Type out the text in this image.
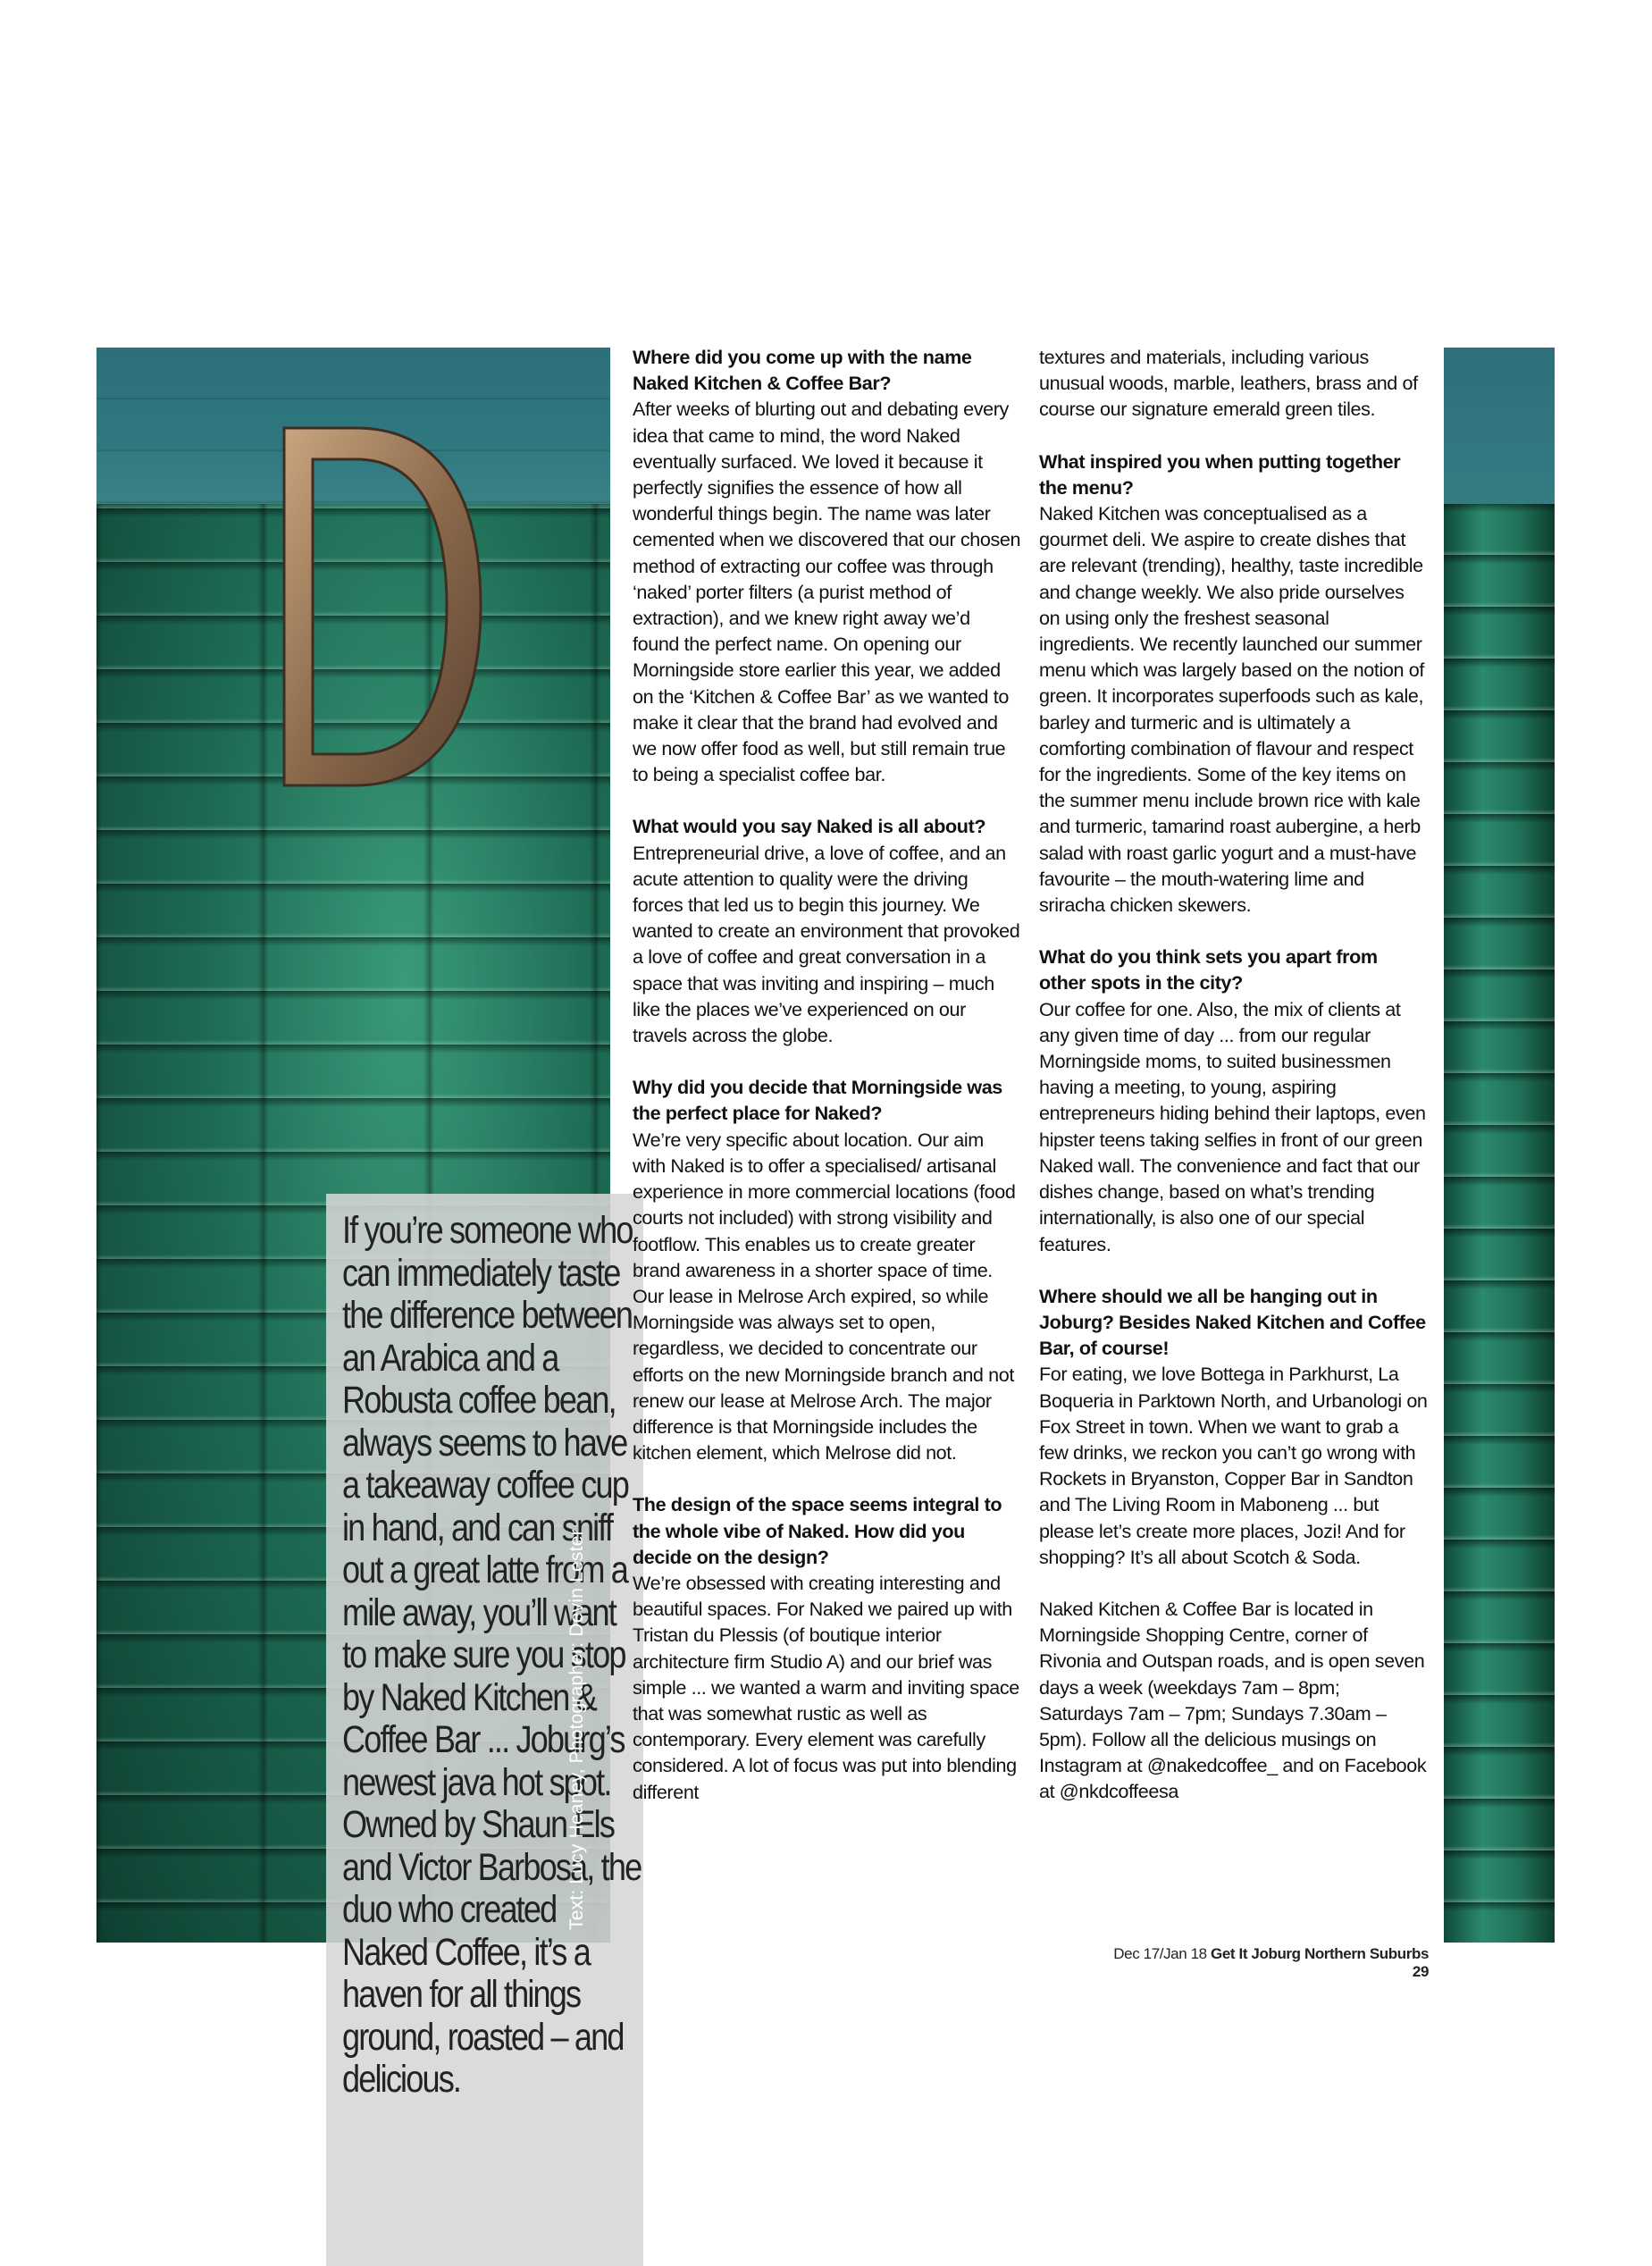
If you’re someone who can immediately taste the difference between an Arabica and a Robusta coffee bean, always seems to have a takeaway coffee cup in hand, and can sniff out a great latte from a mile away, you’ll want to make sure you stop by Naked Kitchen & Coffee Bar ... Joburg’s newest java hot spot. Owned by Shaun Els and Victor Barbosa, the duo who created Naked Coffee, it’s a haven for all things ground, roasted – and delicious.

Text: Lucy Heaney, Photographer: Devin Lester

Where did you come up with the name Naked Kitchen & Coffee Bar?
After weeks of blurting out and debating every idea that came to mind, the word Naked eventually surfaced. We loved it because it perfectly signifies the essence of how all wonderful things begin. The name was later cemented when we discovered that our chosen method of extracting our coffee was through ‘naked’ porter filters (a purist method of extraction), and we knew right away we’d found the perfect name. On opening our Morningside store earlier this year, we added on the ‘Kitchen & Coffee Bar’ as we wanted to make it clear that the brand had evolved and we now offer food as well, but still remain true to being a specialist coffee bar.

What would you say Naked is all about?
Entrepreneurial drive, a love of coffee, and an acute attention to quality were the driving forces that led us to begin this journey. We wanted to create an environment that provoked a love of coffee and great conversation in a space that was inviting and inspiring – much like the places we’ve experienced on our travels across the globe.

Why did you decide that Morningside was the perfect place for Naked?
We’re very specific about location. Our aim with Naked is to offer a specialised/ artisanal experience in more commercial locations (food courts not included) with strong visibility and footflow. This enables us to create greater brand awareness in a shorter space of time. Our lease in Melrose Arch expired, so while Morningside was always set to open, regardless, we decided to concentrate our efforts on the new Morningside branch and not renew our lease at Melrose Arch. The major difference is that Morningside includes the kitchen element, which Melrose did not.

The design of the space seems integral to the whole vibe of Naked. How did you decide on the design?
We’re obsessed with creating interesting and beautiful spaces. For Naked we paired up with Tristan du Plessis (of boutique interior architecture firm Studio A) and our brief was simple ... we wanted a warm and inviting space that was somewhat rustic as well as contemporary. Every element was carefully considered. A lot of focus was put into blending different

textures and materials, including various unusual woods, marble, leathers, brass and of course our signature emerald green tiles.

What inspired you when putting together the menu?
Naked Kitchen was conceptualised as a gourmet deli. We aspire to create dishes that are relevant (trending), healthy, taste incredible and change weekly. We also pride ourselves on using only the freshest seasonal ingredients. We recently launched our summer menu which was largely based on the notion of green. It incorporates superfoods such as kale, barley and turmeric and is ultimately a comforting combination of flavour and respect for the ingredients. Some of the key items on the summer menu include brown rice with kale and turmeric, tamarind roast aubergine, a herb salad with roast garlic yogurt and a must-have favourite – the mouth-watering lime and sriracha chicken skewers.

What do you think sets you apart from other spots in the city?
Our coffee for one. Also, the mix of clients at any given time of day ... from our regular Morningside moms, to suited businessmen having a meeting, to young, aspiring entrepreneurs hiding behind their laptops, even hipster teens taking selfies in front of our green Naked wall. The convenience and fact that our dishes change, based on what’s trending internationally, is also one of our special features.

Where should we all be hanging out in Joburg? Besides Naked Kitchen and Coffee Bar, of course!
For eating, we love Bottega in Parkhurst, La Boqueria in Parktown North, and Urbanologi on Fox Street in town. When we want to grab a few drinks, we reckon you can’t go wrong with Rockets in Bryanston, Copper Bar in Sandton and The Living Room in Maboneng ... but please let’s create more places, Jozi! And for shopping? It’s all about Scotch & Soda.

Naked Kitchen & Coffee Bar is located in Morningside Shopping Centre, corner of Rivonia and Outspan roads, and is open seven days a week (weekdays 7am – 8pm; Saturdays 7am – 7pm; Sundays 7.30am – 5pm). Follow all the delicious musings on Instagram at @nakedcoffee_ and on Facebook at @nkdcoffeesa

Dec 17/Jan 18 Get It Joburg Northern Suburbs 29
